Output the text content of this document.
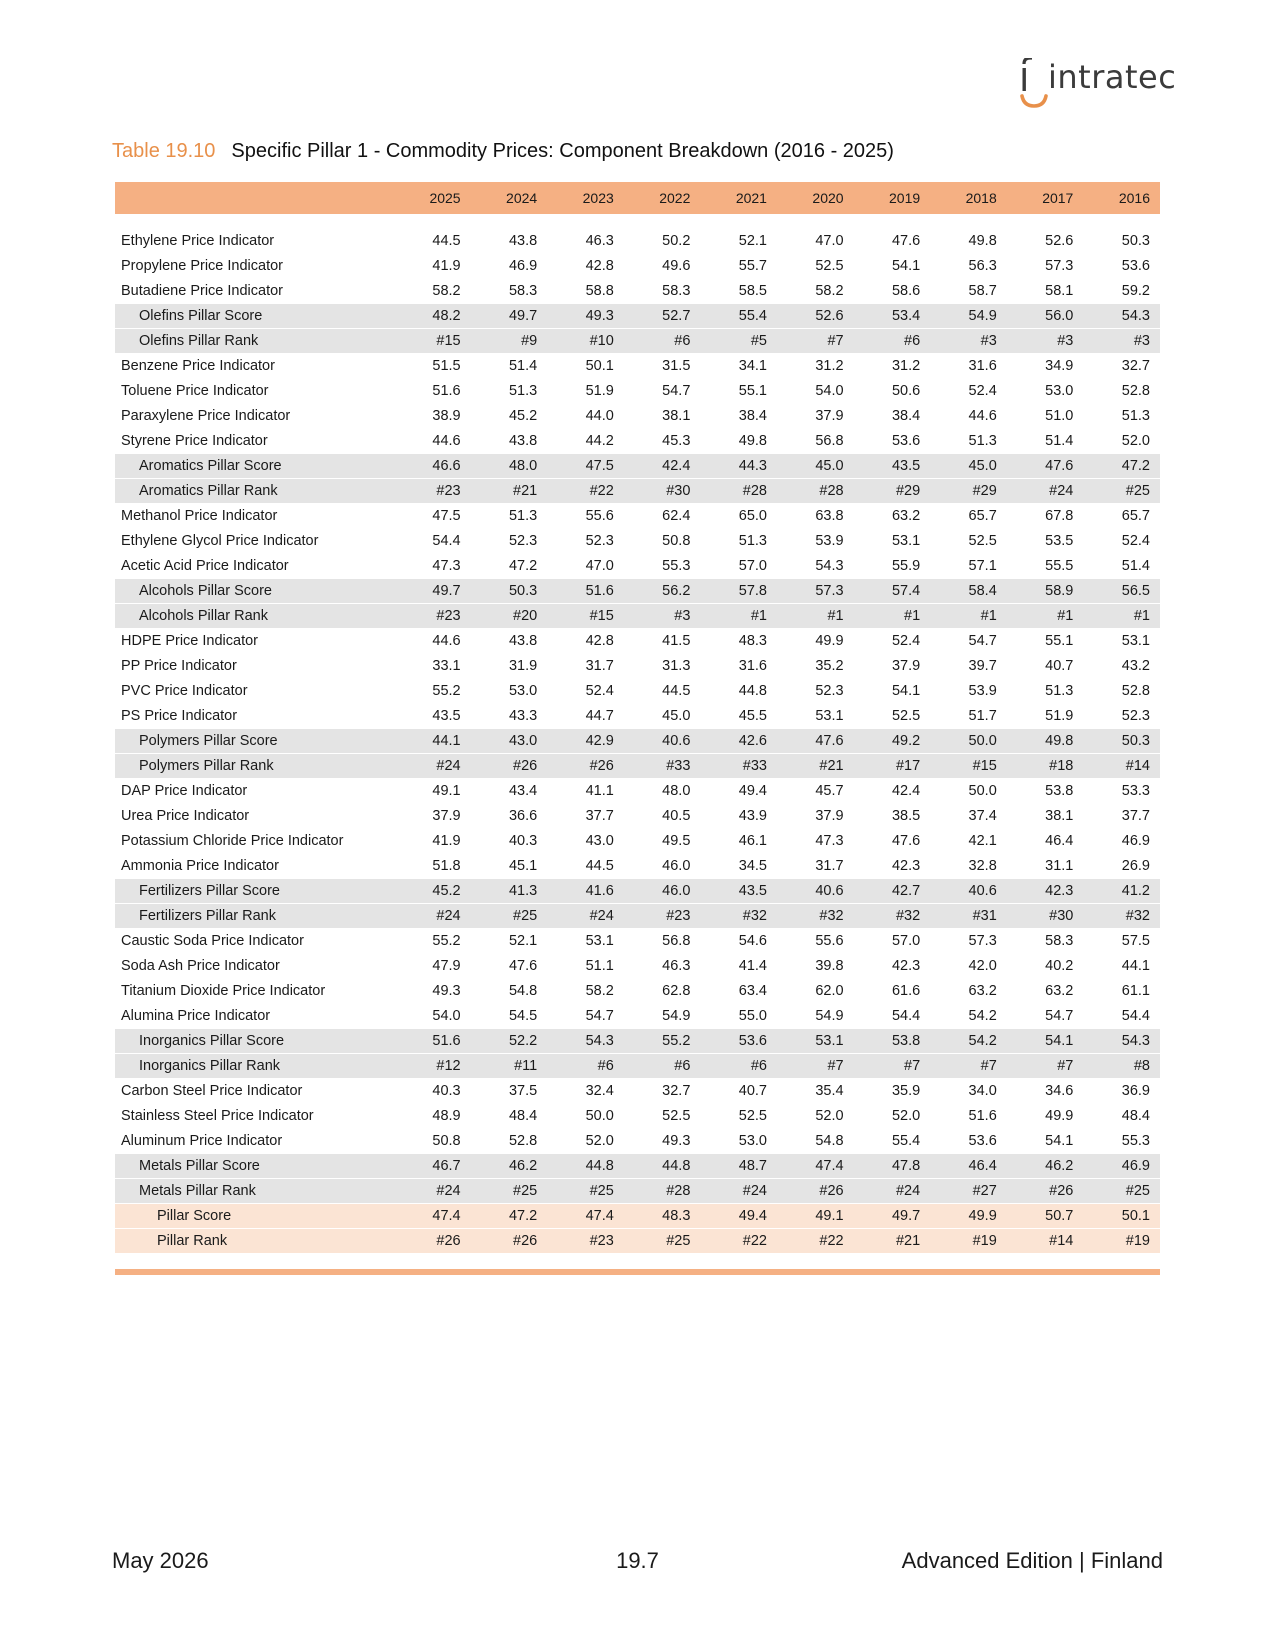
intratec
Table 19.10 Specific Pillar 1 - Commodity Prices: Component Breakdown (2016 - 2025)
	2025	2024	2023	2022	2021	2020	2019	2018	2017	2016

Ethylene Price Indicator	44.5	43.8	46.3	50.2	52.1	47.0	47.6	49.8	52.6	50.3
Propylene Price Indicator	41.9	46.9	42.8	49.6	55.7	52.5	54.1	56.3	57.3	53.6
Butadiene Price Indicator	58.2	58.3	58.8	58.3	58.5	58.2	58.6	58.7	58.1	59.2
Olefins Pillar Score	48.2	49.7	49.3	52.7	55.4	52.6	53.4	54.9	56.0	54.3
Olefins Pillar Rank	#15	#9	#10	#6	#5	#7	#6	#3	#3	#3
Benzene Price Indicator	51.5	51.4	50.1	31.5	34.1	31.2	31.2	31.6	34.9	32.7
Toluene Price Indicator	51.6	51.3	51.9	54.7	55.1	54.0	50.6	52.4	53.0	52.8
Paraxylene Price Indicator	38.9	45.2	44.0	38.1	38.4	37.9	38.4	44.6	51.0	51.3
Styrene Price Indicator	44.6	43.8	44.2	45.3	49.8	56.8	53.6	51.3	51.4	52.0
Aromatics Pillar Score	46.6	48.0	47.5	42.4	44.3	45.0	43.5	45.0	47.6	47.2
Aromatics Pillar Rank	#23	#21	#22	#30	#28	#28	#29	#29	#24	#25
Methanol Price Indicator	47.5	51.3	55.6	62.4	65.0	63.8	63.2	65.7	67.8	65.7
Ethylene Glycol Price Indicator	54.4	52.3	52.3	50.8	51.3	53.9	53.1	52.5	53.5	52.4
Acetic Acid Price Indicator	47.3	47.2	47.0	55.3	57.0	54.3	55.9	57.1	55.5	51.4
Alcohols Pillar Score	49.7	50.3	51.6	56.2	57.8	57.3	57.4	58.4	58.9	56.5
Alcohols Pillar Rank	#23	#20	#15	#3	#1	#1	#1	#1	#1	#1
HDPE Price Indicator	44.6	43.8	42.8	41.5	48.3	49.9	52.4	54.7	55.1	53.1
PP Price Indicator	33.1	31.9	31.7	31.3	31.6	35.2	37.9	39.7	40.7	43.2
PVC Price Indicator	55.2	53.0	52.4	44.5	44.8	52.3	54.1	53.9	51.3	52.8
PS Price Indicator	43.5	43.3	44.7	45.0	45.5	53.1	52.5	51.7	51.9	52.3
Polymers Pillar Score	44.1	43.0	42.9	40.6	42.6	47.6	49.2	50.0	49.8	50.3
Polymers Pillar Rank	#24	#26	#26	#33	#33	#21	#17	#15	#18	#14
DAP Price Indicator	49.1	43.4	41.1	48.0	49.4	45.7	42.4	50.0	53.8	53.3
Urea Price Indicator	37.9	36.6	37.7	40.5	43.9	37.9	38.5	37.4	38.1	37.7
Potassium Chloride Price Indicator	41.9	40.3	43.0	49.5	46.1	47.3	47.6	42.1	46.4	46.9
Ammonia Price Indicator	51.8	45.1	44.5	46.0	34.5	31.7	42.3	32.8	31.1	26.9
Fertilizers Pillar Score	45.2	41.3	41.6	46.0	43.5	40.6	42.7	40.6	42.3	41.2
Fertilizers Pillar Rank	#24	#25	#24	#23	#32	#32	#32	#31	#30	#32
Caustic Soda Price Indicator	55.2	52.1	53.1	56.8	54.6	55.6	57.0	57.3	58.3	57.5
Soda Ash Price Indicator	47.9	47.6	51.1	46.3	41.4	39.8	42.3	42.0	40.2	44.1
Titanium Dioxide Price Indicator	49.3	54.8	58.2	62.8	63.4	62.0	61.6	63.2	63.2	61.1
Alumina Price Indicator	54.0	54.5	54.7	54.9	55.0	54.9	54.4	54.2	54.7	54.4
Inorganics Pillar Score	51.6	52.2	54.3	55.2	53.6	53.1	53.8	54.2	54.1	54.3
Inorganics Pillar Rank	#12	#11	#6	#6	#6	#7	#7	#7	#7	#8
Carbon Steel Price Indicator	40.3	37.5	32.4	32.7	40.7	35.4	35.9	34.0	34.6	36.9
Stainless Steel Price Indicator	48.9	48.4	50.0	52.5	52.5	52.0	52.0	51.6	49.9	48.4
Aluminum Price Indicator	50.8	52.8	52.0	49.3	53.0	54.8	55.4	53.6	54.1	55.3
Metals Pillar Score	46.7	46.2	44.8	44.8	48.7	47.4	47.8	46.4	46.2	46.9
Metals Pillar Rank	#24	#25	#25	#28	#24	#26	#24	#27	#26	#25
Pillar Score	47.4	47.2	47.4	48.3	49.4	49.1	49.7	49.9	50.7	50.1
Pillar Rank	#26	#26	#23	#25	#22	#22	#21	#19	#14	#19

May 2026	19.7	Advanced Edition | Finland
